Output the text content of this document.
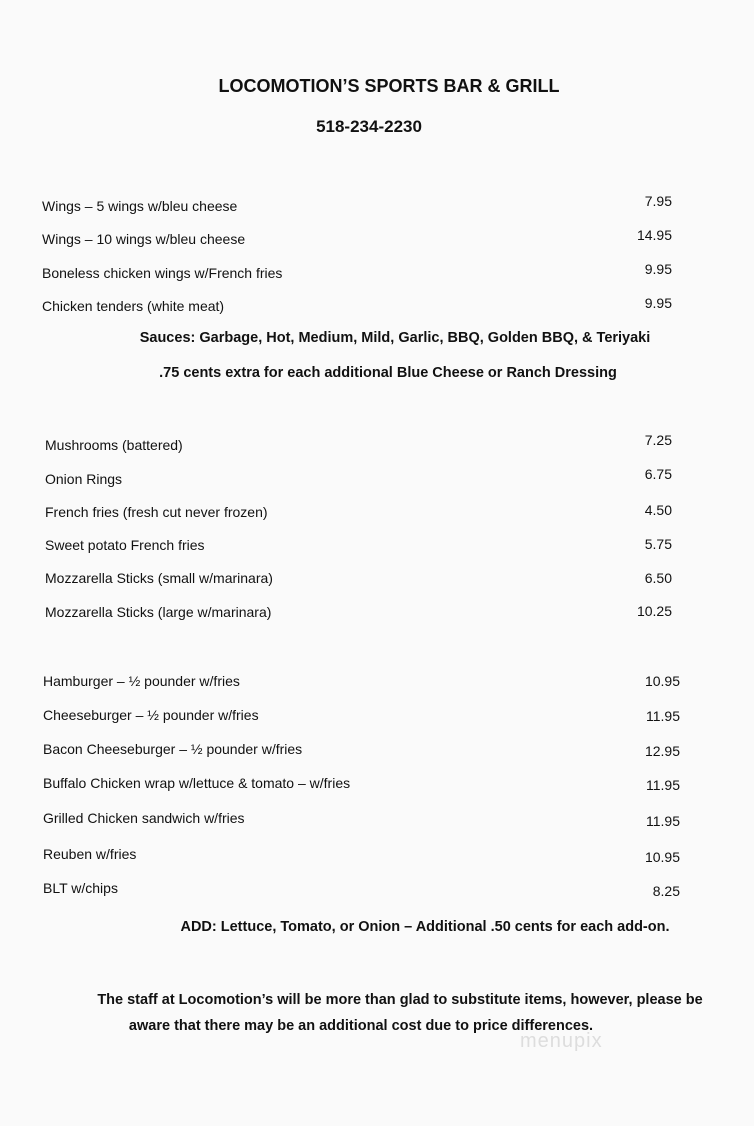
LOCOMOTION’S SPORTS BAR & GRILL
518-234-2230
Wings – 5 wings w/bleu cheese	7.95
Wings – 10 wings w/bleu cheese	14.95
Boneless chicken wings w/French fries	9.95
Chicken tenders (white meat)	9.95
Sauces: Garbage, Hot, Medium, Mild, Garlic, BBQ, Golden BBQ, & Teriyaki
.75 cents extra for each additional Blue Cheese or Ranch Dressing
Mushrooms (battered)	7.25
Onion Rings	6.75
French fries (fresh cut never frozen)	4.50
Sweet potato French fries	5.75
Mozzarella Sticks (small w/marinara)	6.50
Mozzarella Sticks (large w/marinara)	10.25
Hamburger – ½ pounder w/fries	10.95
Cheeseburger – ½ pounder w/fries	11.95
Bacon Cheeseburger – ½ pounder w/fries	12.95
Buffalo Chicken wrap w/lettuce & tomato – w/fries	11.95
Grilled Chicken sandwich w/fries	11.95
Reuben w/fries	10.95
BLT w/chips	8.25
ADD: Lettuce, Tomato, or Onion – Additional .50 cents for each add-on.
The staff at Locomotion’s will be more than glad to substitute items, however, please be
aware that there may be an additional cost due to price differences.
menupix
